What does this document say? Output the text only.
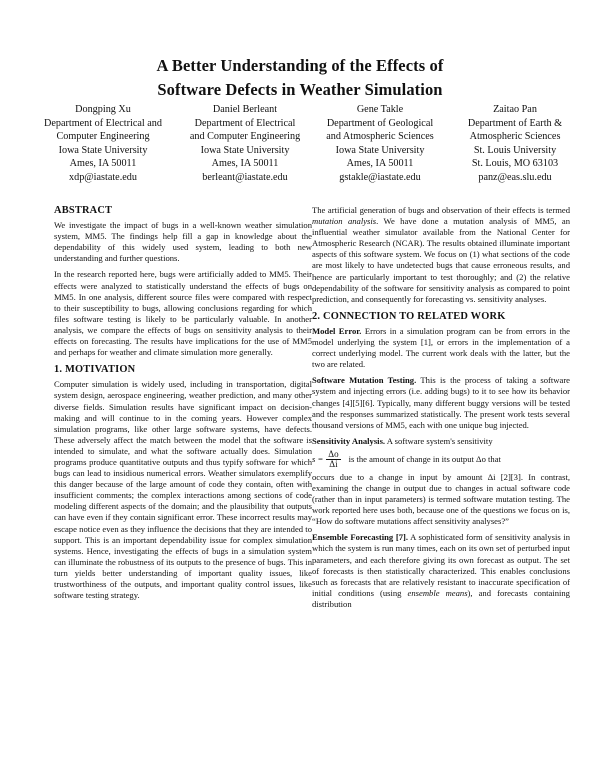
A Better Understanding of the Effects of
Software Defects in Weather Simulation
Dongping Xu
Department of Electrical and
Computer Engineering
Iowa State University
Ames, IA 50011
xdp@iastate.edu
Daniel Berleant
Department of Electrical
and Computer Engineering
Iowa State University
Ames, IA 50011
berleant@iastate.edu
Gene Takle
Department of Geological
and Atmospheric Sciences
Iowa State University
Ames, IA 50011
gstakle@iastate.edu
Zaitao Pan
Department of Earth &
Atmospheric Sciences
St. Louis University
St. Louis, MO 63103
panz@eas.slu.edu
ABSTRACT

We investigate the impact of bugs in a well-known weather simulation system, MM5. The findings help fill a gap in knowledge about the dependability of this widely used system, leading to both new understanding and further questions.

In the research reported here, bugs were artificially added to MM5. Their effects were analyzed to statistically understand the effects of bugs on MM5. In one analysis, different source files were compared with respect to their susceptibility to bugs, allowing conclusions regarding for which files software testing is likely to be particularly valuable. In another analysis, we compare the effects of bugs on sensitivity analysis to their effects on forecasting. The results have implications for the use of MM5 and perhaps for weather and climate simulation more generally.

1. MOTIVATION

Computer simulation is widely used, including in transportation, digital system design, aerospace engineering, weather prediction, and many other diverse fields. Simulation results have significant impact on decision-making and will continue to in the coming years. However complex simulation programs, like other large software systems, have defects. These adversely affect the match between the model that the software is intended to simulate, and what the software actually does. Simulation programs produce quantitative outputs and thus typify software for which bugs can lead to insidious numerical errors. Weather simulators exemplify this danger because of the large amount of code they contain, often with insufficient comments; the complex interactions among sections of code modeling different aspects of the domain; and the plausibility that outputs can have even if they contain significant error. These incorrect results may escape notice even as they influence the decisions that they are intended to support. This is an important dependability issue for complex simulation systems. Hence, investigating the effects of bugs in a simulation system can illuminate the robustness of its outputs to the presence of bugs. This in turn yields better understanding of important quality issues, like trustworthiness of the outputs, and important quality control issues, like software testing strategy.

The artificial generation of bugs and observation of their effects is termed mutation analysis. We have done a mutation analysis of MM5, an influential weather simulator available from the National Center for Atmospheric Research (NCAR). The results obtained illuminate important aspects of this software system. We focus on (1) what sections of the code are most likely to have undetected bugs that cause erroneous results, and hence are particularly important to test thoroughly; and (2) the relative dependability of the software for sensitivity analysis as compared to point prediction, and consequently for forecasting vs. sensitivity analyses.

2. CONNECTION TO RELATED WORK

Model Error. Errors in a simulation program can be from errors in the model underlying the system [1], or errors in the implementation of a correct underlying model. The current work deals with the latter, but the two are related.

Software Mutation Testing. This is the process of taking a software system and injecting errors (i.e. adding bugs) to it to see how its behavior changes [4][5][6]. Typically, many different buggy versions will be tested and the responses summarized statistically. The present work tests several thousand versions of MM5, each with one unique bug injected.

Sensitivity Analysis. A software system's sensitivity
$s = \frac{\Delta o}{\Delta i}$ is the amount of change in its output Δo that
occurs due to a change in input by amount Δi [2][3]. In contrast, examining the change in output due to changes in actual software code (rather than in input parameters) is termed software mutation testing. The work reported here uses both, because one of the questions we focus on is, “How do software mutations affect sensitivity analyses?”

Ensemble Forecasting [7]. A sophisticated form of sensitivity analysis in which the system is run many times, each on its own set of perturbed input parameters, and each therefore giving its own forecast as output. The set of forecasts is then statistically characterized. This enables conclusions such as forecasts that are relatively resistant to inaccurate specification of initial conditions (using ensemble means), and forecasts containing distribution
